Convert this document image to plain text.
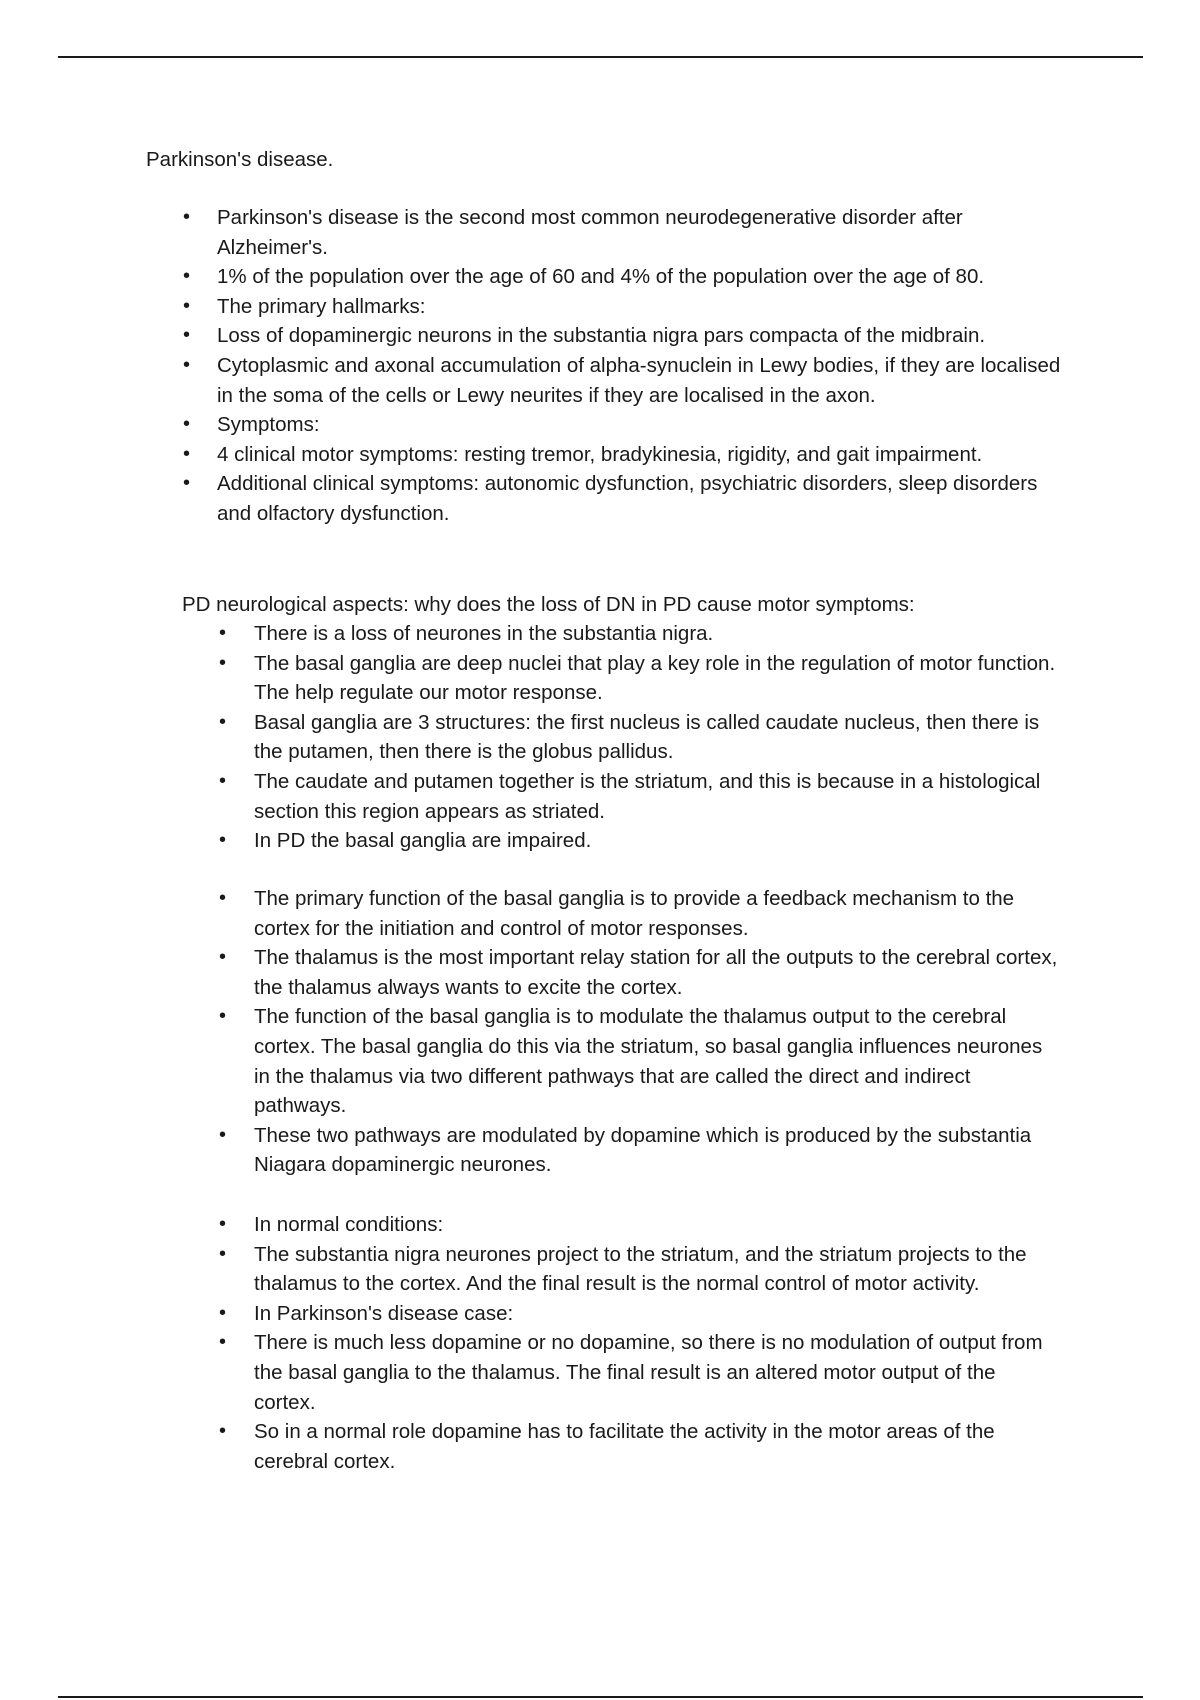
Parkinson's disease.

• Parkinson's disease is the second most common neurodegenerative disorder after Alzheimer's.
• 1% of the population over the age of 60 and 4% of the population over the age of 80.
• The primary hallmarks:
• Loss of dopaminergic neurons in the substantia nigra pars compacta of the midbrain.
• Cytoplasmic and axonal accumulation of alpha-synuclein in Lewy bodies, if they are localised in the soma of the cells or Lewy neurites if they are localised in the axon.
• Symptoms:
• 4 clinical motor symptoms: resting tremor, bradykinesia, rigidity, and gait impairment.
• Additional clinical symptoms: autonomic dysfunction, psychiatric disorders, sleep disorders and olfactory dysfunction.

PD neurological aspects: why does the loss of DN in PD cause motor symptoms:

• There is a loss of neurones in the substantia nigra.
• The basal ganglia are deep nuclei that play a key role in the regulation of motor function. The help regulate our motor response.
• Basal ganglia are 3 structures: the first nucleus is called caudate nucleus, then there is the putamen, then there is the globus pallidus.
• The caudate and putamen together is the striatum, and this is because in a histological section this region appears as striated.
• In PD the basal ganglia are impaired.
• The primary function of the basal ganglia is to provide a feedback mechanism to the cortex for the initiation and control of motor responses.
• The thalamus is the most important relay station for all the outputs to the cerebral cortex, the thalamus always wants to excite the cortex.
• The function of the basal ganglia is to modulate the thalamus output to the cerebral cortex. The basal ganglia do this via the striatum, so basal ganglia influences neurones in the thalamus via two different pathways that are called the direct and indirect pathways.
• These two pathways are modulated by dopamine which is produced by the substantia Niagara dopaminergic neurones.
• In normal conditions:
• The substantia nigra neurones project to the striatum, and the striatum projects to the thalamus to the cortex. And the final result is the normal control of motor activity.
• In Parkinson's disease case:
• There is much less dopamine or no dopamine, so there is no modulation of output from the basal ganglia to the thalamus. The final result is an altered motor output of the cortex.
• So in a normal role dopamine has to facilitate the activity in the motor areas of the cerebral cortex.
